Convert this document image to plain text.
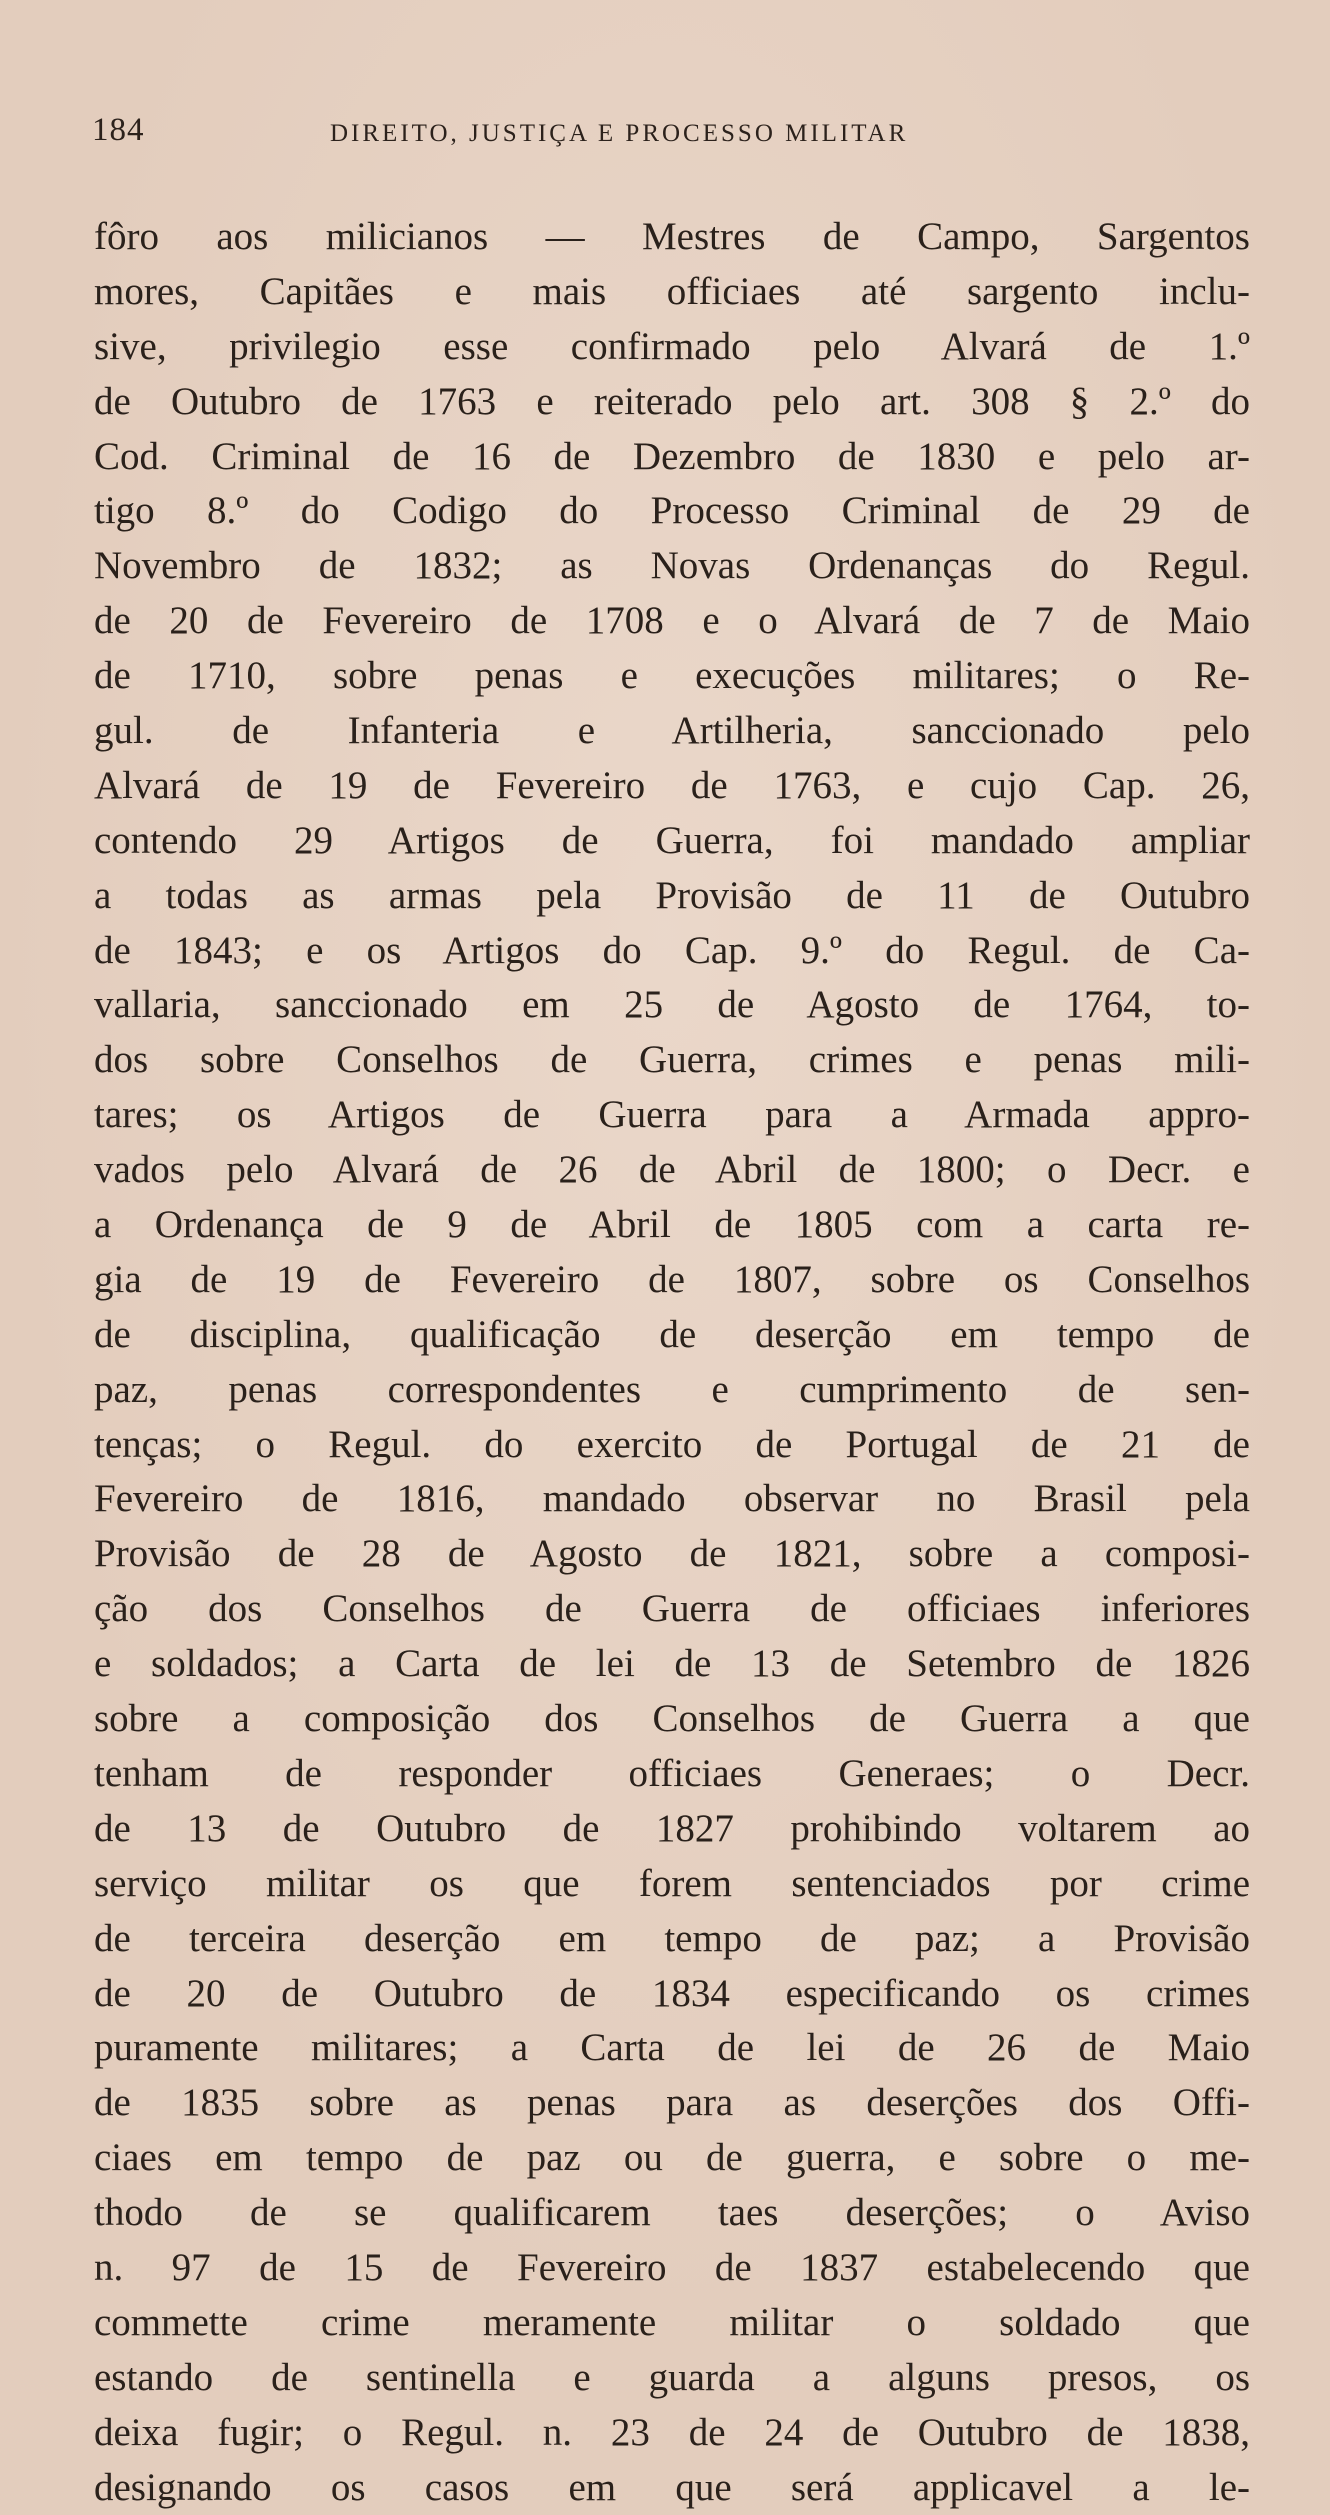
184	DIREITO, JUSTIÇA E PROCESSO MILITAR
fôro aos milicianos — Mestres de Campo, Sargentos
mores, Capitães e mais officiaes até sargento inclu-
sive, privilegio esse confirmado pelo Alvará de 1.º
de Outubro de 1763 e reiterado pelo art. 308 § 2.º do
Cod. Criminal de 16 de Dezembro de 1830 e pelo ar-
tigo 8.º do Codigo do Processo Criminal de 29 de
Novembro de 1832; as Novas Ordenanças do Regul.
de 20 de Fevereiro de 1708 e o Alvará de 7 de Maio
de 1710, sobre penas e execuções militares; o Re-
gul. de Infanteria e Artilheria, sanccionado pelo
Alvará de 19 de Fevereiro de 1763, e cujo Cap. 26,
contendo 29 Artigos de Guerra, foi mandado ampliar
a todas as armas pela Provisão de 11 de Outubro
de 1843; e os Artigos do Cap. 9.º do Regul. de Ca-
vallaria, sanccionado em 25 de Agosto de 1764, to-
dos sobre Conselhos de Guerra, crimes e penas mili-
tares; os Artigos de Guerra para a Armada appro-
vados pelo Alvará de 26 de Abril de 1800; o Decr. e
a Ordenança de 9 de Abril de 1805 com a carta re-
gia de 19 de Fevereiro de 1807, sobre os Conselhos
de disciplina, qualificação de deserção em tempo de
paz, penas correspondentes e cumprimento de sen-
tenças; o Regul. do exercito de Portugal de 21 de
Fevereiro de 1816, mandado observar no Brasil pela
Provisão de 28 de Agosto de 1821, sobre a composi-
ção dos Conselhos de Guerra de officiaes inferiores
e soldados; a Carta de lei de 13 de Setembro de 1826
sobre a composição dos Conselhos de Guerra a que
tenham de responder officiaes Generaes; o Decr.
de 13 de Outubro de 1827 prohibindo voltarem ao
serviço militar os que forem sentenciados por crime
de terceira deserção em tempo de paz; a Provisão
de 20 de Outubro de 1834 especificando os crimes
puramente militares; a Carta de lei de 26 de Maio
de 1835 sobre as penas para as deserções dos Offi-
ciaes em tempo de paz ou de guerra, e sobre o me-
thodo de se qualificarem taes deserções; o Aviso
n. 97 de 15 de Fevereiro de 1837 estabelecendo que
commette crime meramente militar o soldado que
estando de sentinella e guarda a alguns presos, os
deixa fugir; o Regul. n. 23 de 24 de Outubro de 1838,
designando os casos em que será applicavel a le-
